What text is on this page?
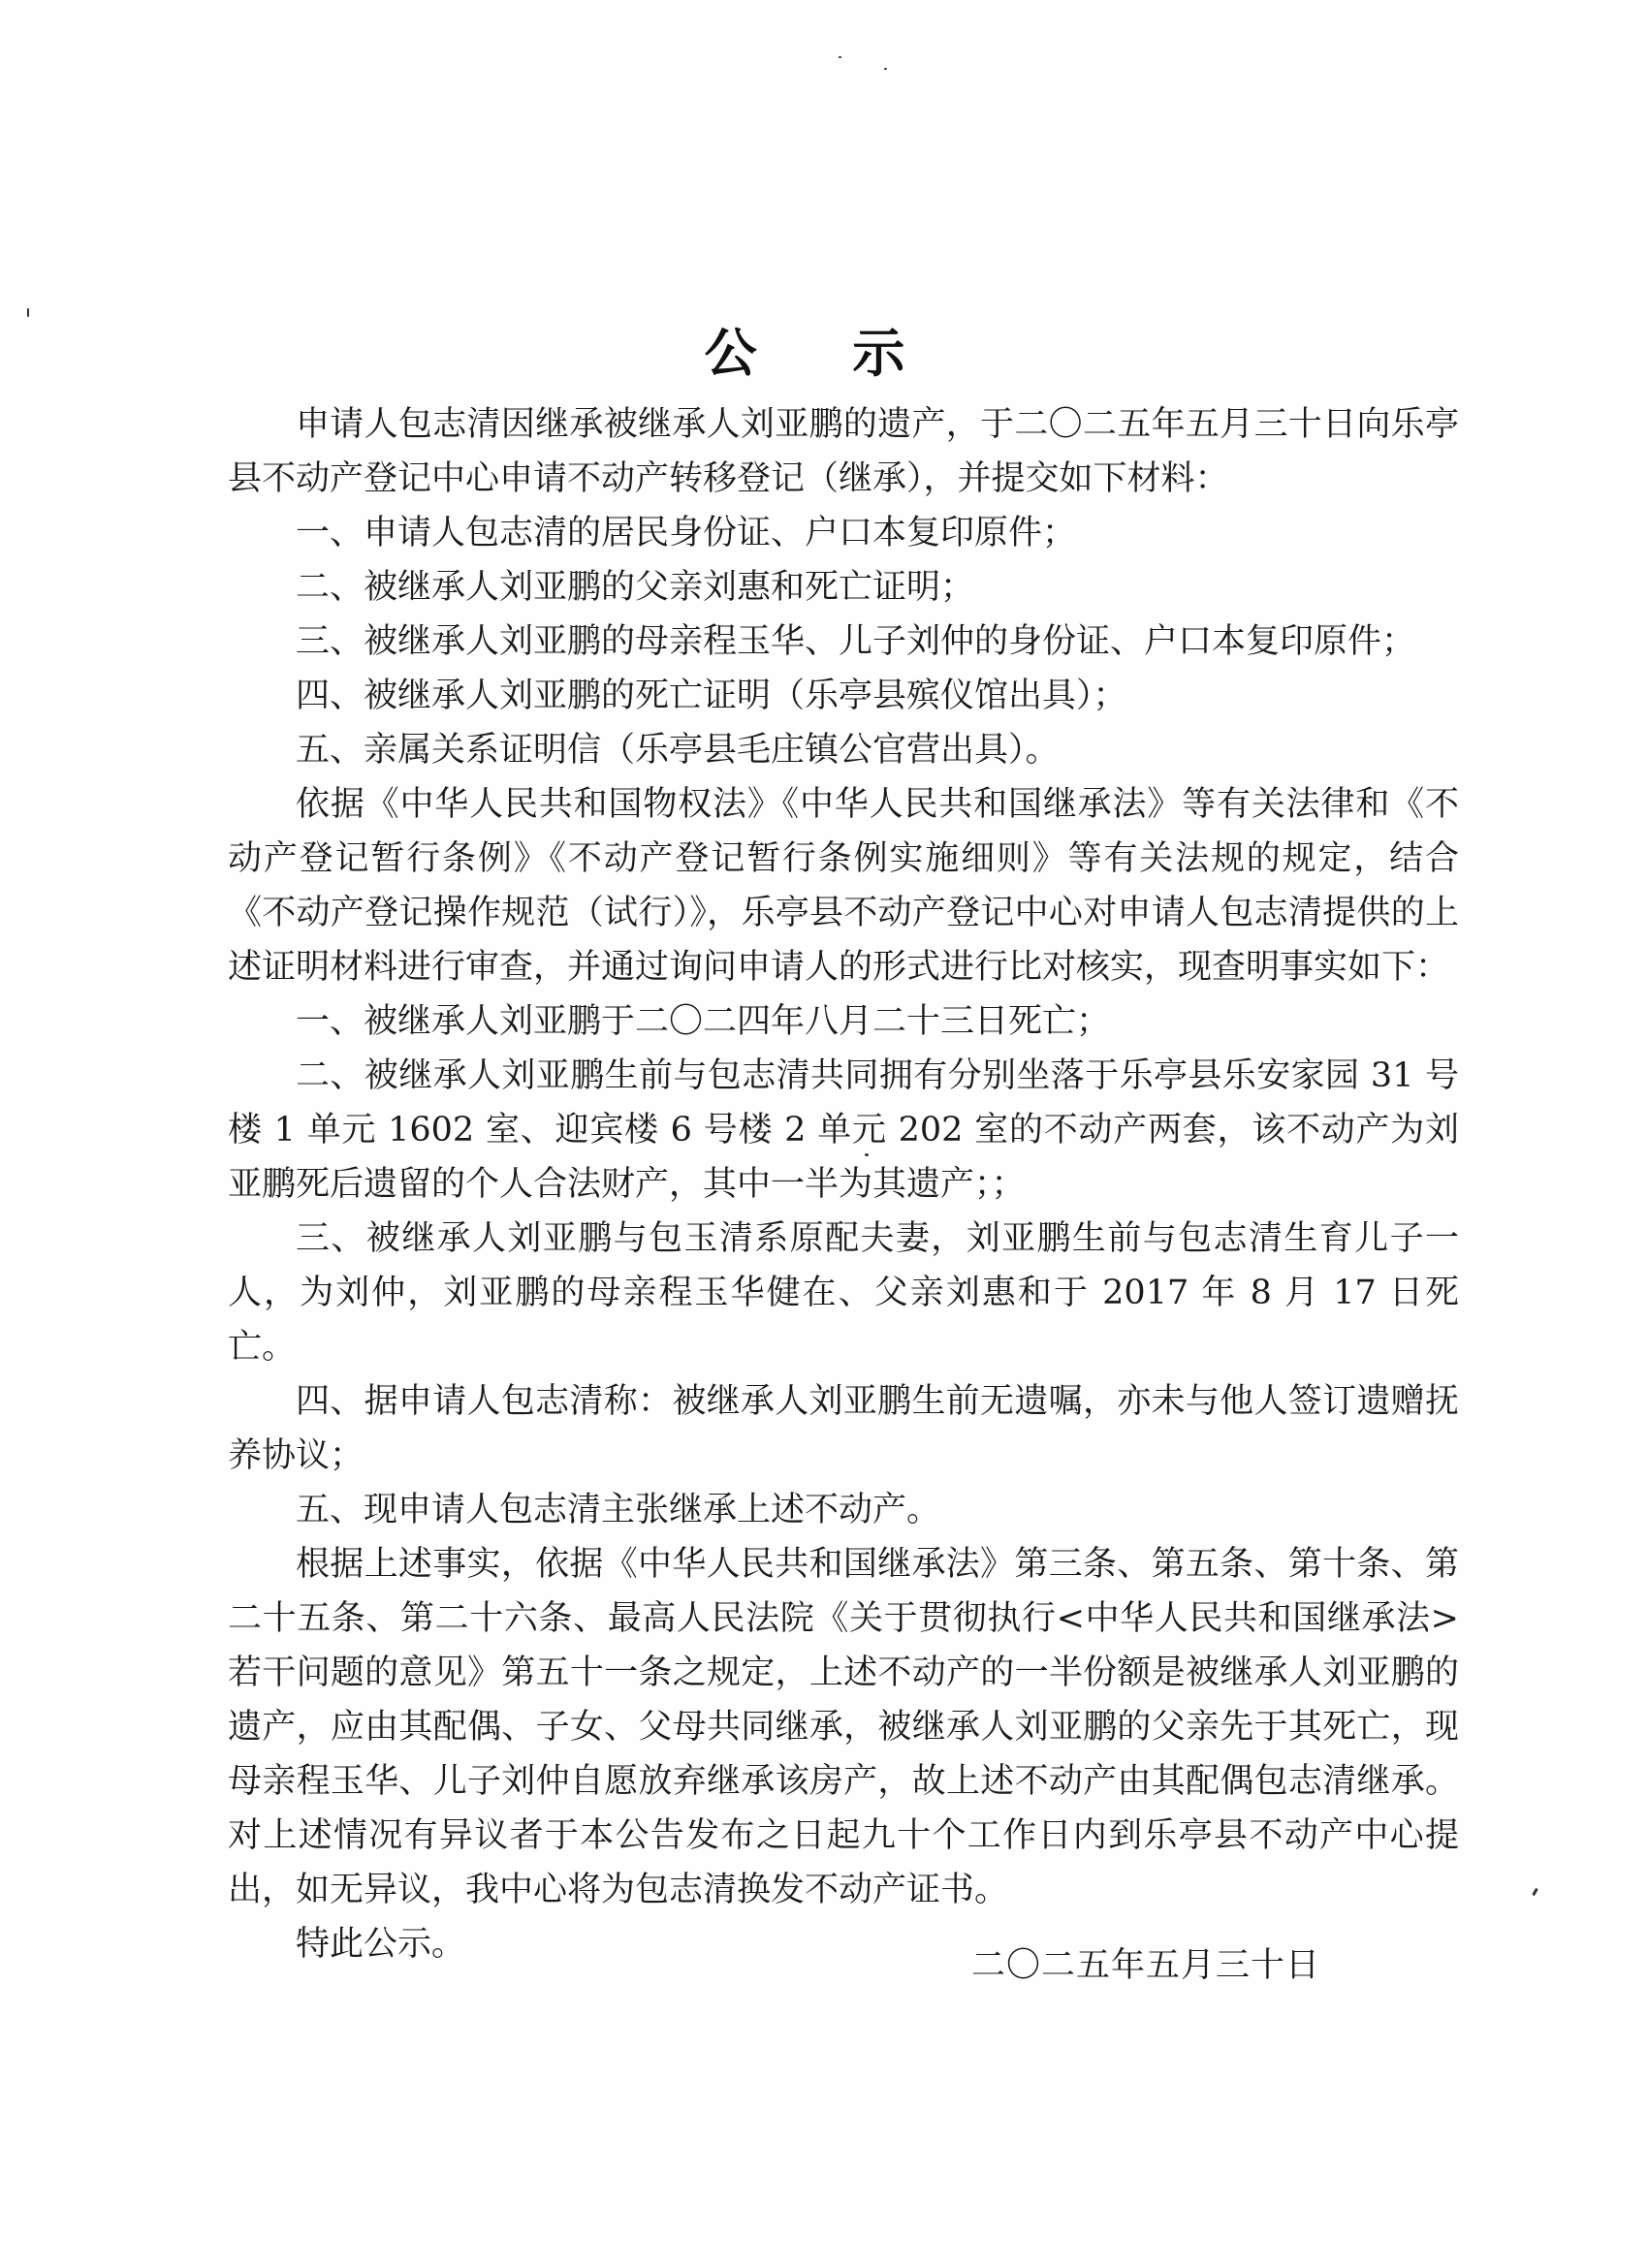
公 示

申请人包志清因继承被继承人刘亚鹏的遗产，于二〇二五年五月三十日向乐亭县不动产登记中心申请不动产转移登记（继承），并提交如下材料：

一、申请人包志清的居民身份证、户口本复印原件；

二、被继承人刘亚鹏的父亲刘惠和死亡证明；

三、被继承人刘亚鹏的母亲程玉华、儿子刘仲的身份证、户口本复印原件；

四、被继承人刘亚鹏的死亡证明（乐亭县殡仪馆出具）；

五、亲属关系证明信（乐亭县毛庄镇公官营出具）。

依据《中华人民共和国物权法》《中华人民共和国继承法》等有关法律和《不动产登记暂行条例》《不动产登记暂行条例实施细则》等有关法规的规定，结合《不动产登记操作规范（试行）》，乐亭县不动产登记中心对申请人包志清提供的上述证明材料进行审查，并通过询问申请人的形式进行比对核实，现查明事实如下：

一、被继承人刘亚鹏于二〇二四年八月二十三日死亡；

二、被继承人刘亚鹏生前与包志清共同拥有分别坐落于乐亭县乐安家园 31 号楼 1 单元 1602 室、迎宾楼 6 号楼 2 单元 202 室的不动产两套，该不动产为刘亚鹏死后遗留的个人合法财产，其中一半为其遗产；；

三、被继承人刘亚鹏与包玉清系原配夫妻，刘亚鹏生前与包志清生育儿子一人，为刘仲，刘亚鹏的母亲程玉华健在、父亲刘惠和于 2017 年 8 月 17 日死亡。

四、据申请人包志清称：被继承人刘亚鹏生前无遗嘱，亦未与他人签订遗赠抚养协议；

五、现申请人包志清主张继承上述不动产。

根据上述事实，依据《中华人民共和国继承法》第三条、第五条、第十条、第二十五条、第二十六条、最高人民法院《关于贯彻执行<中华人民共和国继承法>若干问题的意见》第五十一条之规定，上述不动产的一半份额是被继承人刘亚鹏的遗产，应由其配偶、子女、父母共同继承，被继承人刘亚鹏的父亲先于其死亡，现母亲程玉华、儿子刘仲自愿放弃继承该房产，故上述不动产由其配偶包志清继承。对上述情况有异议者于本公告发布之日起九十个工作日内到乐亭县不动产中心提出，如无异议，我中心将为包志清换发不动产证书。

特此公示。

二〇二五年五月三十日
